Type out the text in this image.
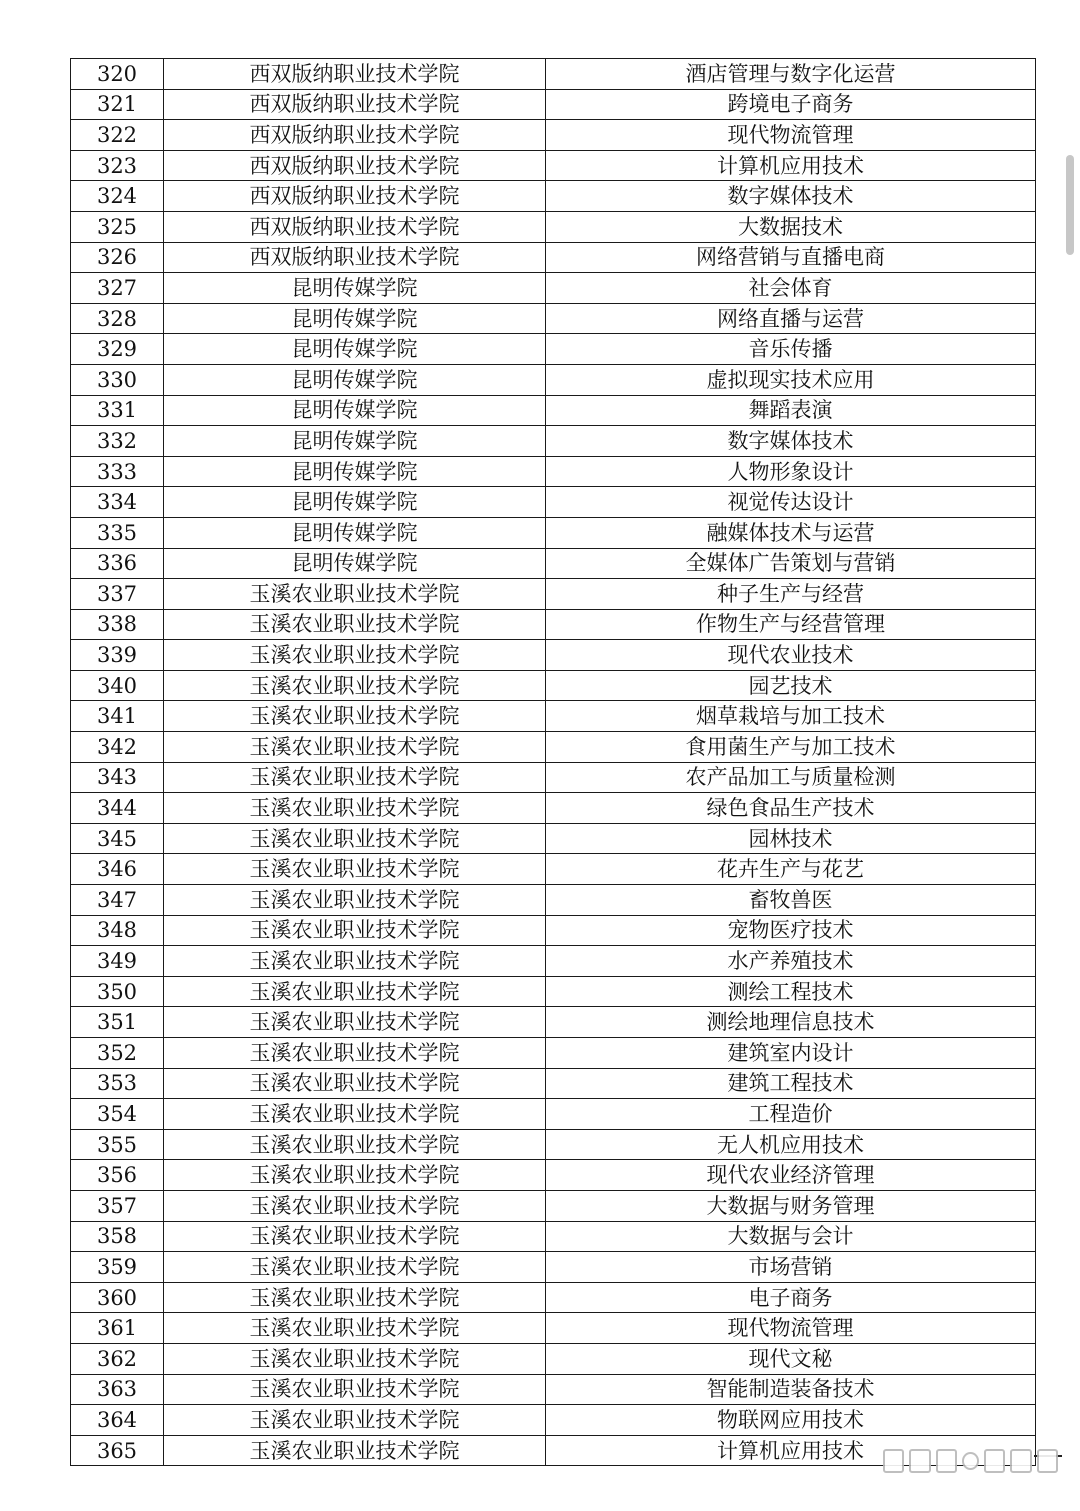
320	西双版纳职业技术学院	酒店管理与数字化运营
321	西双版纳职业技术学院	跨境电子商务
322	西双版纳职业技术学院	现代物流管理
323	西双版纳职业技术学院	计算机应用技术
324	西双版纳职业技术学院	数字媒体技术
325	西双版纳职业技术学院	大数据技术
326	西双版纳职业技术学院	网络营销与直播电商
327	昆明传媒学院	社会体育
328	昆明传媒学院	网络直播与运营
329	昆明传媒学院	音乐传播
330	昆明传媒学院	虚拟现实技术应用
331	昆明传媒学院	舞蹈表演
332	昆明传媒学院	数字媒体技术
333	昆明传媒学院	人物形象设计
334	昆明传媒学院	视觉传达设计
335	昆明传媒学院	融媒体技术与运营
336	昆明传媒学院	全媒体广告策划与营销
337	玉溪农业职业技术学院	种子生产与经营
338	玉溪农业职业技术学院	作物生产与经营管理
339	玉溪农业职业技术学院	现代农业技术
340	玉溪农业职业技术学院	园艺技术
341	玉溪农业职业技术学院	烟草栽培与加工技术
342	玉溪农业职业技术学院	食用菌生产与加工技术
343	玉溪农业职业技术学院	农产品加工与质量检测
344	玉溪农业职业技术学院	绿色食品生产技术
345	玉溪农业职业技术学院	园林技术
346	玉溪农业职业技术学院	花卉生产与花艺
347	玉溪农业职业技术学院	畜牧兽医
348	玉溪农业职业技术学院	宠物医疗技术
349	玉溪农业职业技术学院	水产养殖技术
350	玉溪农业职业技术学院	测绘工程技术
351	玉溪农业职业技术学院	测绘地理信息技术
352	玉溪农业职业技术学院	建筑室内设计
353	玉溪农业职业技术学院	建筑工程技术
354	玉溪农业职业技术学院	工程造价
355	玉溪农业职业技术学院	无人机应用技术
356	玉溪农业职业技术学院	现代农业经济管理
357	玉溪农业职业技术学院	大数据与财务管理
358	玉溪农业职业技术学院	大数据与会计
359	玉溪农业职业技术学院	市场营销
360	玉溪农业职业技术学院	电子商务
361	玉溪农业职业技术学院	现代物流管理
362	玉溪农业职业技术学院	现代文秘
363	玉溪农业职业技术学院	智能制造装备技术
364	玉溪农业职业技术学院	物联网应用技术
365	玉溪农业职业技术学院	计算机应用技术
